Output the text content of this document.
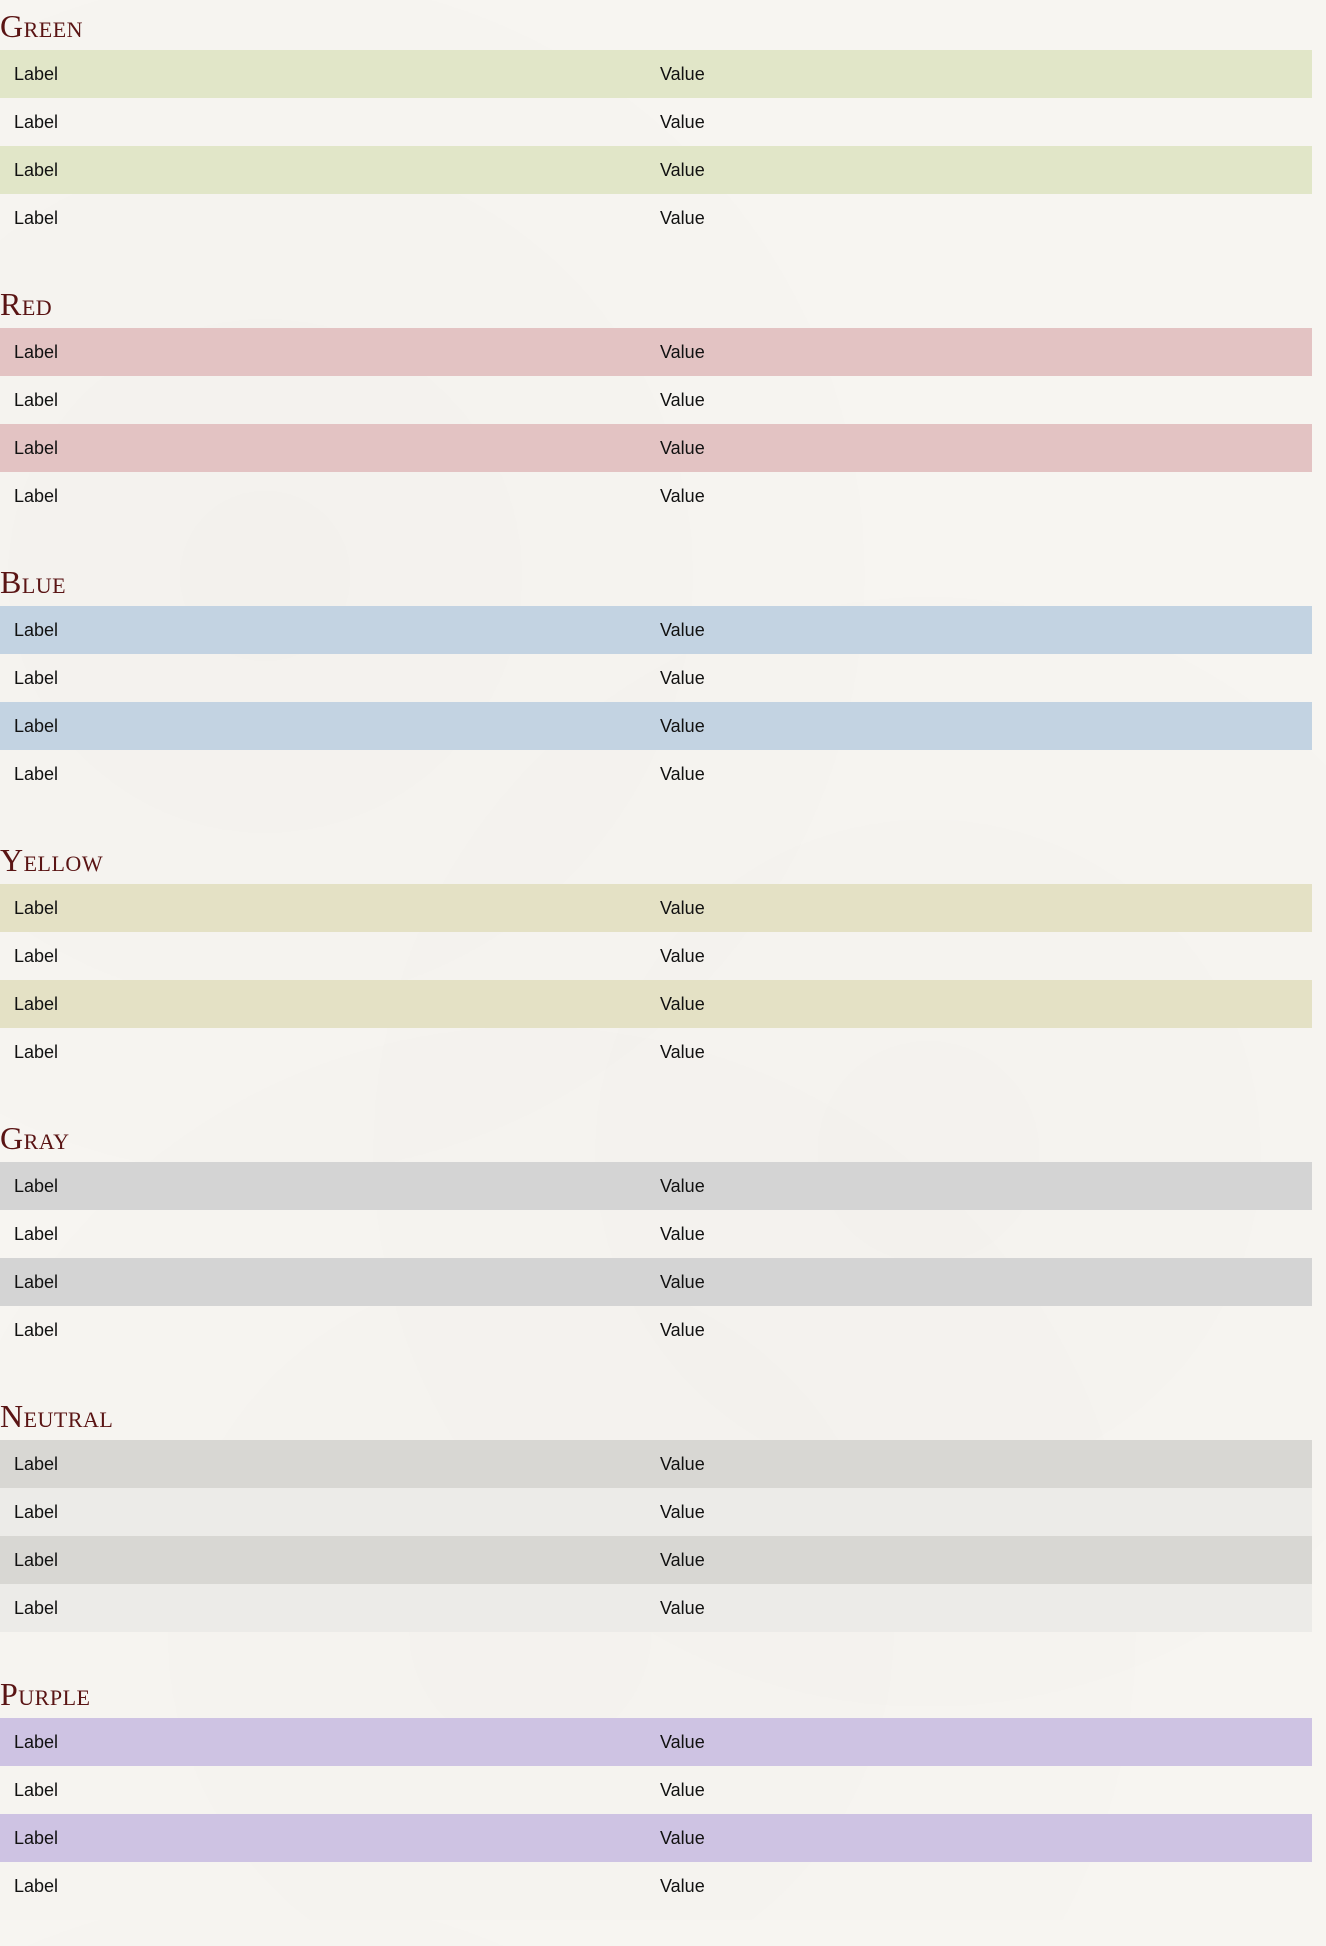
Green
Label	Value
Label	Value
Label	Value
Label	Value
Red
Label	Value
Label	Value
Label	Value
Label	Value
Blue
Label	Value
Label	Value
Label	Value
Label	Value
Yellow
Label	Value
Label	Value
Label	Value
Label	Value
Gray
Label	Value
Label	Value
Label	Value
Label	Value
Neutral
Label	Value
Label	Value
Label	Value
Label	Value
Purple
Label	Value
Label	Value
Label	Value
Label	Value
